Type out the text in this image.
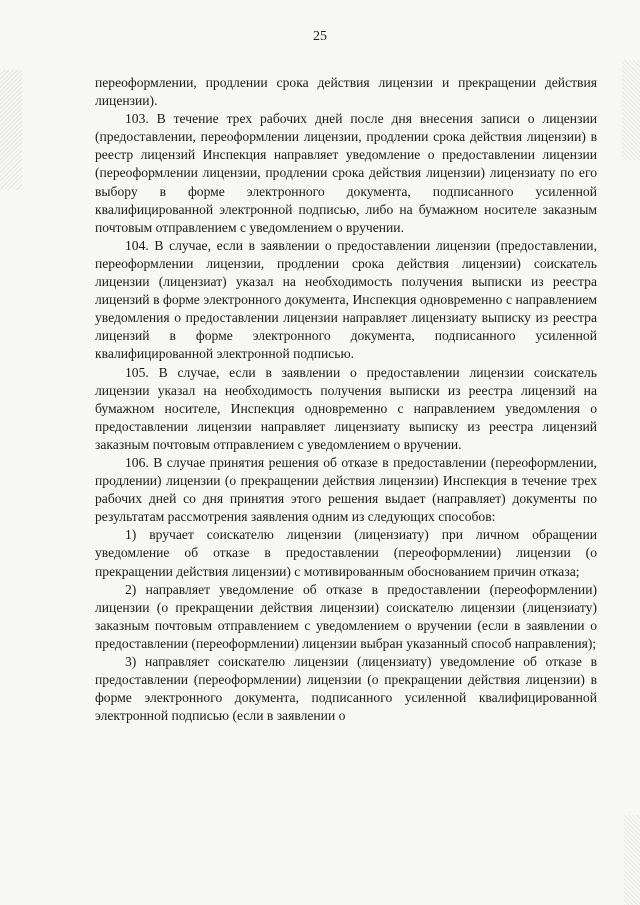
25

переоформлении, продлении срока действия лицензии и прекращении действия лицензии).

103. В течение трех рабочих дней после дня внесения записи о лицензии (предоставлении, переоформлении лицензии, продлении срока действия лицензии) в реестр лицензий Инспекция направляет уведомление о предоставлении лицензии (переоформлении лицензии, продлении срока действия лицензии) лицензиату по его выбору в форме электронного документа, подписанного усиленной квалифицированной электронной подписью, либо на бумажном носителе заказным почтовым отправлением с уведомлением о вручении.

104. В случае, если в заявлении о предоставлении лицензии (предоставлении, переоформлении лицензии, продлении срока действия лицензии) соискатель лицензии (лицензиат) указал на необходимость получения выписки из реестра лицензий в форме электронного документа, Инспекция одновременно с направлением уведомления о предоставлении лицензии направляет лицензиату выписку из реестра лицензий в форме электронного документа, подписанного усиленной квалифицированной электронной подписью.

105. В случае, если в заявлении о предоставлении лицензии соискатель лицензии указал на необходимость получения выписки из реестра лицензий на бумажном носителе, Инспекция одновременно с направлением уведомления о предоставлении лицензии направляет лицензиату выписку из реестра лицензий заказным почтовым отправлением с уведомлением о вручении.

106. В случае принятия решения об отказе в предоставлении (переоформлении, продлении) лицензии (о прекращении действия лицензии) Инспекция в течение трех рабочих дней со дня принятия этого решения выдает (направляет) документы по результатам рассмотрения заявления одним из следующих способов:

1) вручает соискателю лицензии (лицензиату) при личном обращении уведомление об отказе в предоставлении (переоформлении) лицензии (о прекращении действия лицензии) с мотивированным обоснованием причин отказа;

2) направляет уведомление об отказе в предоставлении (переоформлении) лицензии (о прекращении действия лицензии) соискателю лицензии (лицензиату) заказным почтовым отправлением с уведомлением о вручении (если в заявлении о предоставлении (переоформлении) лицензии выбран указанный способ направления);

3) направляет соискателю лицензии (лицензиату) уведомление об отказе в предоставлении (переоформлении) лицензии (о прекращении действия лицензии) в форме электронного документа, подписанного усиленной квалифицированной электронной подписью (если в заявлении о
